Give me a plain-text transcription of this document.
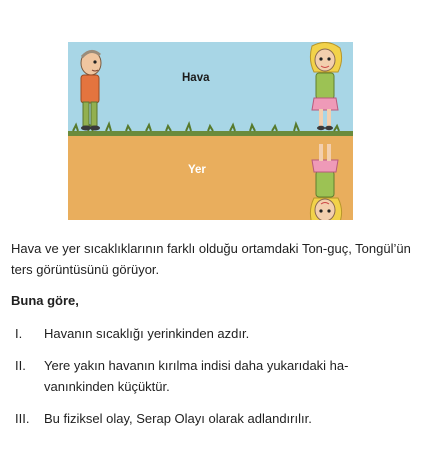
Hava
Yer

Hava ve yer sıcaklıklarının farklı olduğu ortamdaki Ton-guç, Tongül’ün ters görüntüsünü görüyor.

Buna göre,

I.	Havanın sıcaklığı yerinkinden azdır.
II.	Yere yakın havanın kırılma indisi daha yukarıdaki ha-vanınkinden küçüktür.
III.	Bu fiziksel olay, Serap Olayı olarak adlandırılır.
